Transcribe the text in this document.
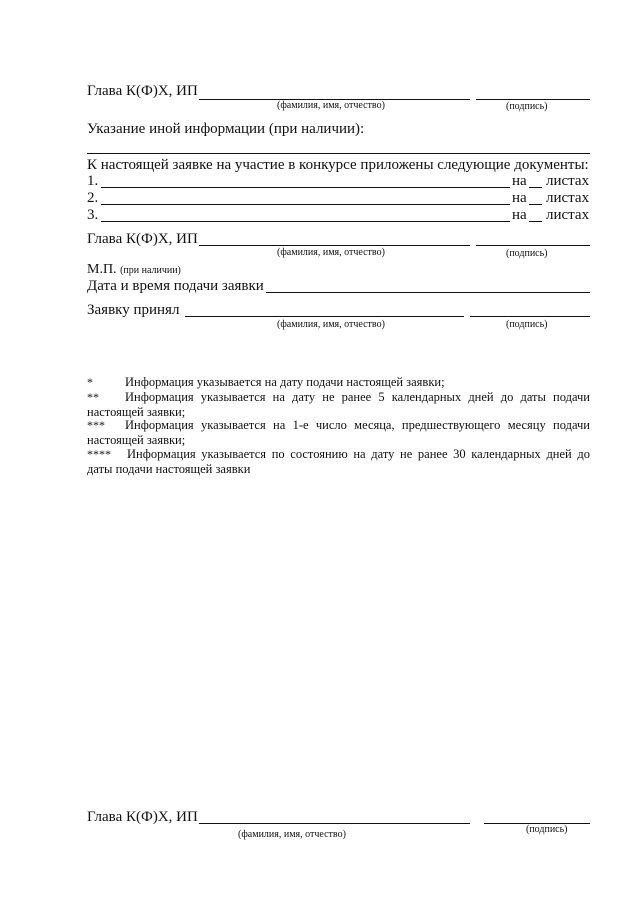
Глава К(Ф)Х, ИП
(фамилия, имя, отчество)	(подпись)
Указание иной информации (при наличии):
К настоящей заявке на участие в конкурсе приложены следующие документы:
1.	на листах
2.	на листах
3.	на листах
Глава К(Ф)Х, ИП
(фамилия, имя, отчество)	(подпись)
М.П. (при наличии)
Дата и время подачи заявки
Заявку принял
(фамилия, имя, отчество)	(подпись)
*	Информация указывается на дату подачи настоящей заявки;
**	Информация указывается на дату не ранее 5 календарных дней до даты подачи настоящей заявки;
***	Информация указывается на 1-е число месяца, предшествующего месяцу подачи настоящей заявки;
****	Информация указывается по состоянию на дату не ранее 30 календарных дней до даты подачи настоящей заявки
Глава К(Ф)Х, ИП
(фамилия, имя, отчество)	(подпись)
